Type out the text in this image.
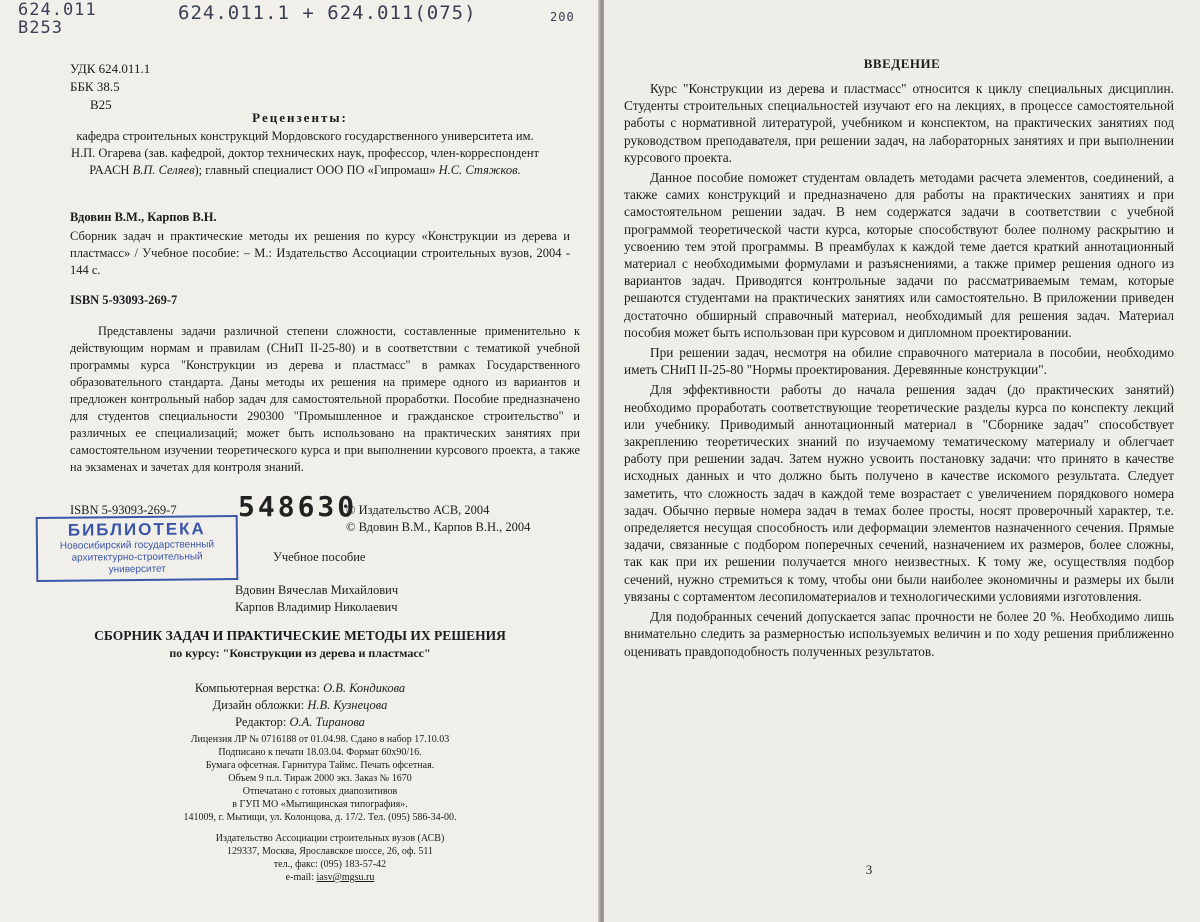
624.011
B253
624.011.1 + 624.011(075)	200
УДК 624.011.1
ББК 38.5
В25
Рецензенты:
кафедра строительных конструкций Мордовского государственного университета им. Н.П. Огарева (зав. кафедрой, доктор технических наук, профессор, член-корреспондент РААСН В.П. Селяев); главный специалист ООО ПО «Гипромаш» Н.С. Стяжков.
Вдовин В.М., Карпов В.Н.
Сборник задач и практические методы их решения по курсу «Конструкции из дерева и пластмасс» / Учебное пособие: – М.: Издательство Ассоциации строительных вузов, 2004 - 144 с.
ISBN 5-93093-269-7
Представлены задачи различной степени сложности, составленные применительно к действующим нормам и правилам (СНиП II-25-80) и в соответствии с тематикой учебной программы курса "Конструкции из дерева и пластмасс" в рамках Государственного образовательного стандарта. Даны методы их решения на примере одного из вариантов и предложен контрольный набор задач для самостоятельной проработки. Пособие предназначено для студентов специальности 290300 "Промышленное и гражданское строительство" и различных ее специализаций; может быть использовано на практических занятиях при самостоятельном изучении теоретического курса и при выполнении курсового проекта, а также на экзаменах и зачетах для контроля знаний.
ISBN 5-93093-269-7 548630
© Издательство АСВ, 2004
© Вдовин В.М., Карпов В.Н., 2004
БИБЛИОТЕКА
Новосибирский государственный
архитектурно-строительный
университет
Учебное пособие
Вдовин Вячеслав Михайлович
Карпов Владимир Николаевич
СБОРНИК ЗАДАЧ И ПРАКТИЧЕСКИЕ МЕТОДЫ ИХ РЕШЕНИЯ
по курсу: "Конструкции из дерева и пластмасс"
Компьютерная верстка: О.В. Кондикова
Дизайн обложки: Н.В. Кузнецова
Редактор: О.А. Тиранова
Лицензия ЛР № 0716188 от 01.04.98. Сдано в набор 17.10.03
Подписано к печати 18.03.04. Формат 60х90/16.
Бумага офсетная. Гарнитура Таймс. Печать офсетная.
Объем 9 п.л. Тираж 2000 экз. Заказ № 1670
Отпечатано с готовых диапозитивов
в ГУП МО «Мытищинская типография».
141009, г. Мытищи, ул. Колонцова, д. 17/2. Тел. (095) 586-34-00.
Издательство Ассоциации строительных вузов (АСВ)
129337, Москва, Ярославское шоссе, 26, оф. 511
тел., факс: (095) 183-57-42
e-mail: iasv@mgsu.ru
ВВЕДЕНИЕ

Курс "Конструкции из дерева и пластмасс" относится к циклу специальных дисциплин. Студенты строительных специальностей изучают его на лекциях, в процессе самостоятельной работы с нормативной литературой, учебником и конспектом, на практических занятиях под руководством преподавателя, при решении задач, на лабораторных занятиях и при выполнении курсового проекта.

Данное пособие поможет студентам овладеть методами расчета элементов, соединений, а также самих конструкций и предназначено для работы на практических занятиях и при самостоятельном решении задач. В нем содержатся задачи в соответствии с учебной программой теоретической части курса, которые способствуют более полному раскрытию и усвоению тем этой программы. В преамбулах к каждой теме дается краткий аннотационный материал с необходимыми формулами и разъяснениями, а также пример решения одного из вариантов задач. Приводятся контрольные задачи по рассматриваемым темам, которые решаются студентами на практических занятиях или самостоятельно. В приложении приведен достаточно обширный справочный материал, необходимый для решения задач. Материал пособия может быть использован при курсовом и дипломном проектировании.

При решении задач, несмотря на обилие справочного материала в пособии, необходимо иметь СНиП II-25-80 "Нормы проектирования. Деревянные конструкции".

Для эффективности работы до начала решения задач (до практических занятий) необходимо проработать соответствующие теоретические разделы курса по конспекту лекций или учебнику. Приводимый аннотационный материал в "Сборнике задач" способствует закреплению теоретических знаний по изучаемому тематическому материалу и облегчает работу при решении задач. Затем нужно усвоить постановку задачи: что принято в качестве исходных данных и что должно быть получено в качестве искомого результата. Следует заметить, что сложность задач в каждой теме возрастает с увеличением порядкового номера задач. Обычно первые номера задач в темах более просты, носят проверочный характер, т.е. определяется несущая способность или деформации элементов назначенного сечения. Прямые задачи, связанные с подбором поперечных сечений, назначением их размеров, более сложны, так как при их решении получается много неизвестных. К тому же, осуществляя подбор сечений, нужно стремиться к тому, чтобы они были наиболее экономичны и размеры их были увязаны с сортаментом лесопиломатериалов и технологическими условиями изготовления.

Для подобранных сечений допускается запас прочности не более 20 %. Необходимо лишь внимательно следить за размерностью используемых величин и по ходу решения приближенно оценивать правдоподобность полученных результатов.

3
